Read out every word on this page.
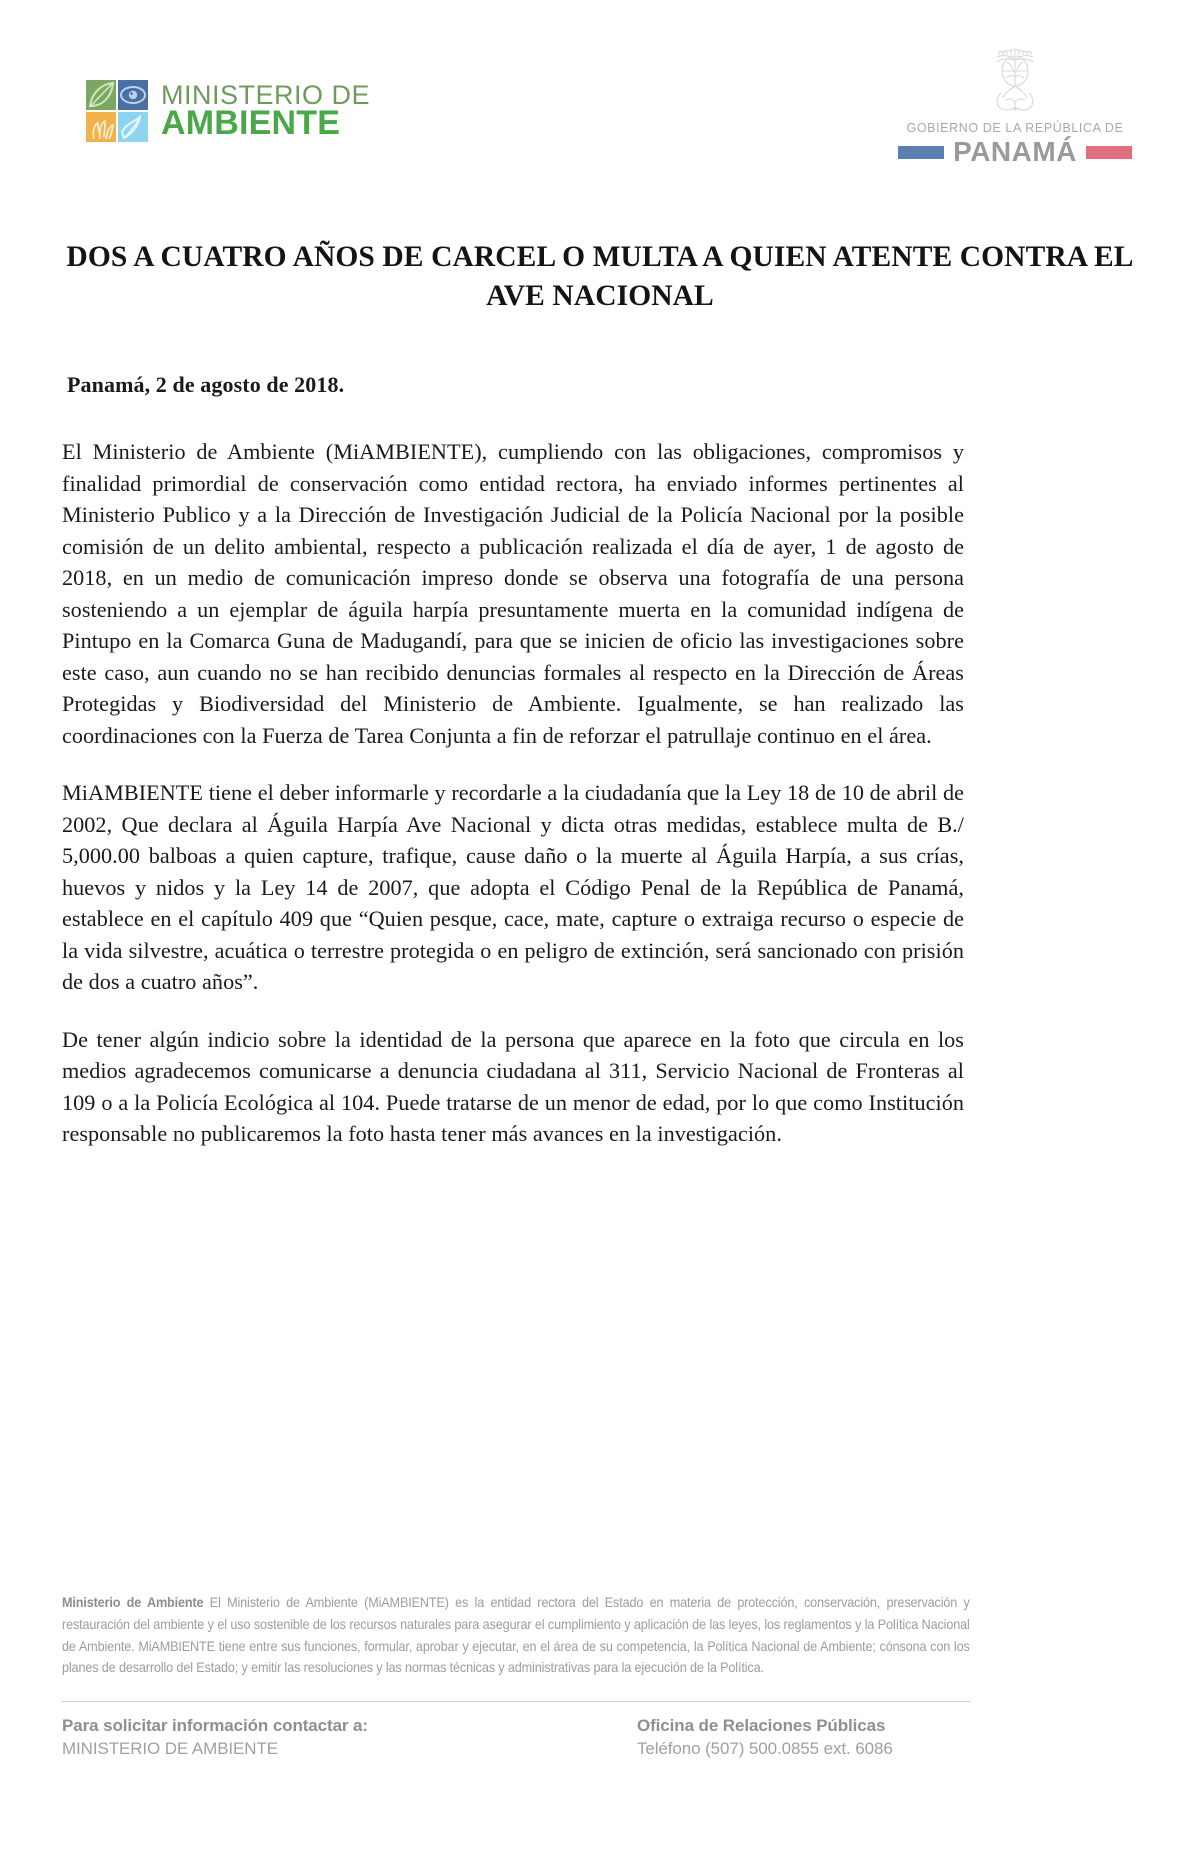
MINISTERIO DE
AMBIENTE	GOBIERNO DE LA REPÚBLICA DE
PANAMÁ
DOS A CUATRO AÑOS DE CARCEL O MULTA A QUIEN ATENTE CONTRA EL AVE NACIONAL
Panamá, 2 de agosto de 2018.

El Ministerio de Ambiente (MiAMBIENTE), cumpliendo con las obligaciones, compromisos y finalidad primordial de conservación como entidad rectora, ha enviado informes pertinentes al Ministerio Publico y a la Dirección de Investigación Judicial de la Policía Nacional por la posible comisión de un delito ambiental, respecto a publicación realizada el día de ayer, 1 de agosto de 2018, en un medio de comunicación impreso donde se observa una fotografía de una persona sosteniendo a un ejemplar de águila harpía presuntamente muerta en la comunidad indígena de Pintupo en la Comarca Guna de Madugandí, para que se inicien de oficio las investigaciones sobre este caso, aun cuando no se han recibido denuncias formales al respecto en la Dirección de Áreas Protegidas y Biodiversidad del Ministerio de Ambiente. Igualmente, se han realizado las coordinaciones con la Fuerza de Tarea Conjunta a fin de reforzar el patrullaje continuo en el área.

MiAMBIENTE tiene el deber informarle y recordarle a la ciudadanía que la Ley 18 de 10 de abril de 2002, Que declara al Águila Harpía Ave Nacional y dicta otras medidas, establece multa de B./ 5,000.00 balboas a quien capture, trafique, cause daño o la muerte al Águila Harpía, a sus crías, huevos y nidos y la Ley 14 de 2007, que adopta el Código Penal de la República de Panamá, establece en el capítulo 409 que “Quien pesque, cace, mate, capture o extraiga recurso o especie de la vida silvestre, acuática o terrestre protegida o en peligro de extinción, será sancionado con prisión de dos a cuatro años”.

De tener algún indicio sobre la identidad de la persona que aparece en la foto que circula en los medios agradecemos comunicarse a denuncia ciudadana al 311, Servicio Nacional de Fronteras al 109 o a la Policía Ecológica al 104. Puede tratarse de un menor de edad, por lo que como Institución responsable no publicaremos la foto hasta tener más avances en la investigación.

Ministerio de Ambiente El Ministerio de Ambiente (MiAMBIENTE) es la entidad rectora del Estado en materia de protección, conservación, preservación y restauración del ambiente y el uso sostenible de los recursos naturales para asegurar el cumplimiento y aplicación de las leyes, los reglamentos y la Política Nacional de Ambiente. MiAMBIENTE tiene entre sus funciones, formular, aprobar y ejecutar, en el área de su competencia, la Política Nacional de Ambiente; cónsona con los planes de desarrollo del Estado; y emitir las resoluciones y las normas técnicas y administrativas para la ejecución de la Política.
Para solicitar información contactar a:
MINISTERIO DE AMBIENTE
Oficina de Relaciones Públicas
Teléfono (507) 500.0855 ext. 6086
